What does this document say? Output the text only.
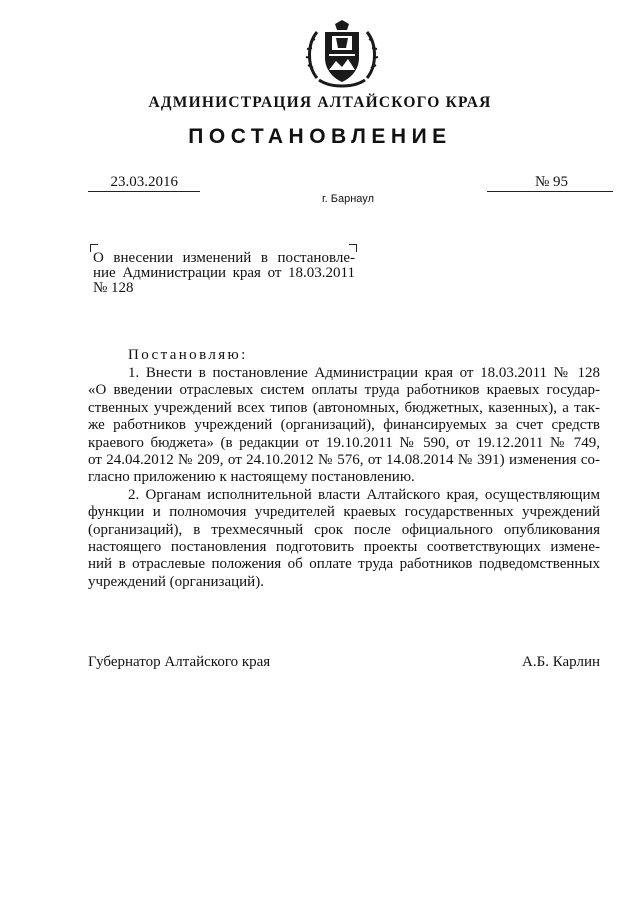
АДМИНИСТРАЦИЯ АЛТАЙСКОГО КРАЯ
ПОСТАНОВЛЕНИЕ
23.03.2016	№ 95
г. Барнаул
О внесении изменений в постановле-
ние Администрации края от 18.03.2011
№ 128
Постановляю:
1. Внести в постановление Администрации края от 18.03.2011 № 128
«О введении отраслевых систем оплаты труда работников краевых государ-
ственных учреждений всех типов (автономных, бюджетных, казенных), а так-
же работников учреждений (организаций), финансируемых за счет средств
краевого бюджета» (в редакции от 19.10.2011 № 590, от 19.12.2011 № 749,
от 24.04.2012 № 209, от 24.10.2012 № 576, от 14.08.2014 № 391) изменения со-
гласно приложению к настоящему постановлению.
2. Органам исполнительной власти Алтайского края, осуществляющим
функции и полномочия учредителей краевых государственных учреждений
(организаций), в трехмесячный срок после официального опубликования
настоящего постановления подготовить проекты соответствующих измене-
ний в отраслевые положения об оплате труда работников подведомственных
учреждений (организаций).
Губернатор Алтайского края	А.Б. Карлин
